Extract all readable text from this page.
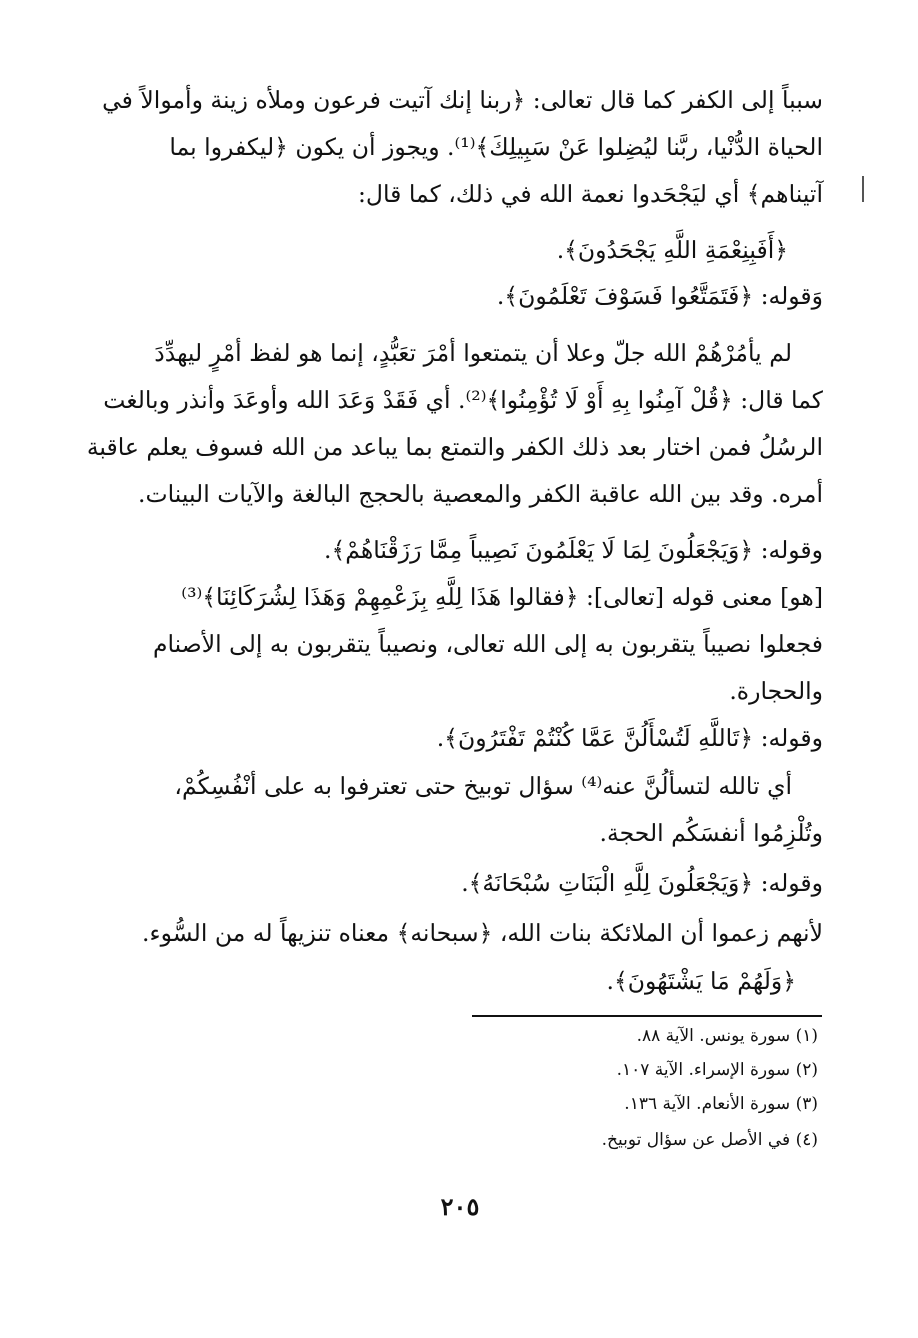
سبباً إلى الكفر كما قال تعالى: ﴿ربنا إنك آتيت فرعون وملأه زينة وأموالاً في
الحياة الدُّنْيا، ربَّنا ليُضِلوا عَنْ سَبِيلِكَ﴾⁽¹⁾. ويجوز أن يكون ﴿ليكفروا بما
آتيناهم﴾ أي ليَجْحَدوا نعمة الله في ذلك، كما قال:
﴿أَفَبِنِعْمَةِ اللَّهِ يَجْحَدُونَ﴾.
وَقوله: ﴿فَتَمَتَّعُوا فَسَوْفَ تَعْلَمُونَ﴾.
لم يأمُرْهُمْ الله جلّ وعلا أن يتمتعوا أمْرَ تعَبُّدٍ، إنما هو لفظ أمْرٍ ليهدِّدَ
كما قال: ﴿قُلْ آمِنُوا بِهِ أَوْ لَا تُؤْمِنُوا﴾⁽²⁾. أي فَقَدْ وَعَدَ الله وأوعَدَ وأنذر وبالغت
الرسُلُ فمن اختار بعد ذلك الكفر والتمتع بما يباعد من الله فسوف يعلم عاقبة
أمره. وقد بين الله عاقبة الكفر والمعصية بالحجج البالغة والآيات البينات.
وقوله: ﴿وَيَجْعَلُونَ لِمَا لَا يَعْلَمُونَ نَصِيباً مِمَّا رَزَقْنَاهُمْ﴾.
[هو] معنى قوله [تعالى]: ﴿فقالوا هَذَا لِلَّهِ بِزَعْمِهِمْ وَهَذَا لِشُرَكَائِنَا﴾⁽³⁾
فجعلوا نصيباً يتقربون به إلى الله تعالى، ونصيباً يتقربون به إلى الأصنام
والحجارة.
وقوله: ﴿تَاللَّهِ لَتُسْأَلُنَّ عَمَّا كُنْتُمْ تَفْتَرُونَ﴾.
أي تالله لتسألُنَّ عنه⁽⁴⁾ سؤال توبيخ حتى تعترفوا به على أنْفُسِكُمْ،
وتُلْزِمُوا أنفسَكُم الحجة.
وقوله: ﴿وَيَجْعَلُونَ لِلَّهِ الْبَنَاتِ سُبْحَانَهُ﴾.
لأنهم زعموا أن الملائكة بنات الله، ﴿سبحانه﴾ معناه تنزيهاً له من السُّوء.
﴿وَلَهُمْ مَا يَشْتَهُونَ﴾.
(١) سورة يونس. الآية ٨٨.
(٢) سورة الإسراء. الآية ١٠٧.
(٣) سورة الأنعام. الآية ١٣٦.
(٤) في الأصل عن سؤال توبيخ.
٢٠٥
